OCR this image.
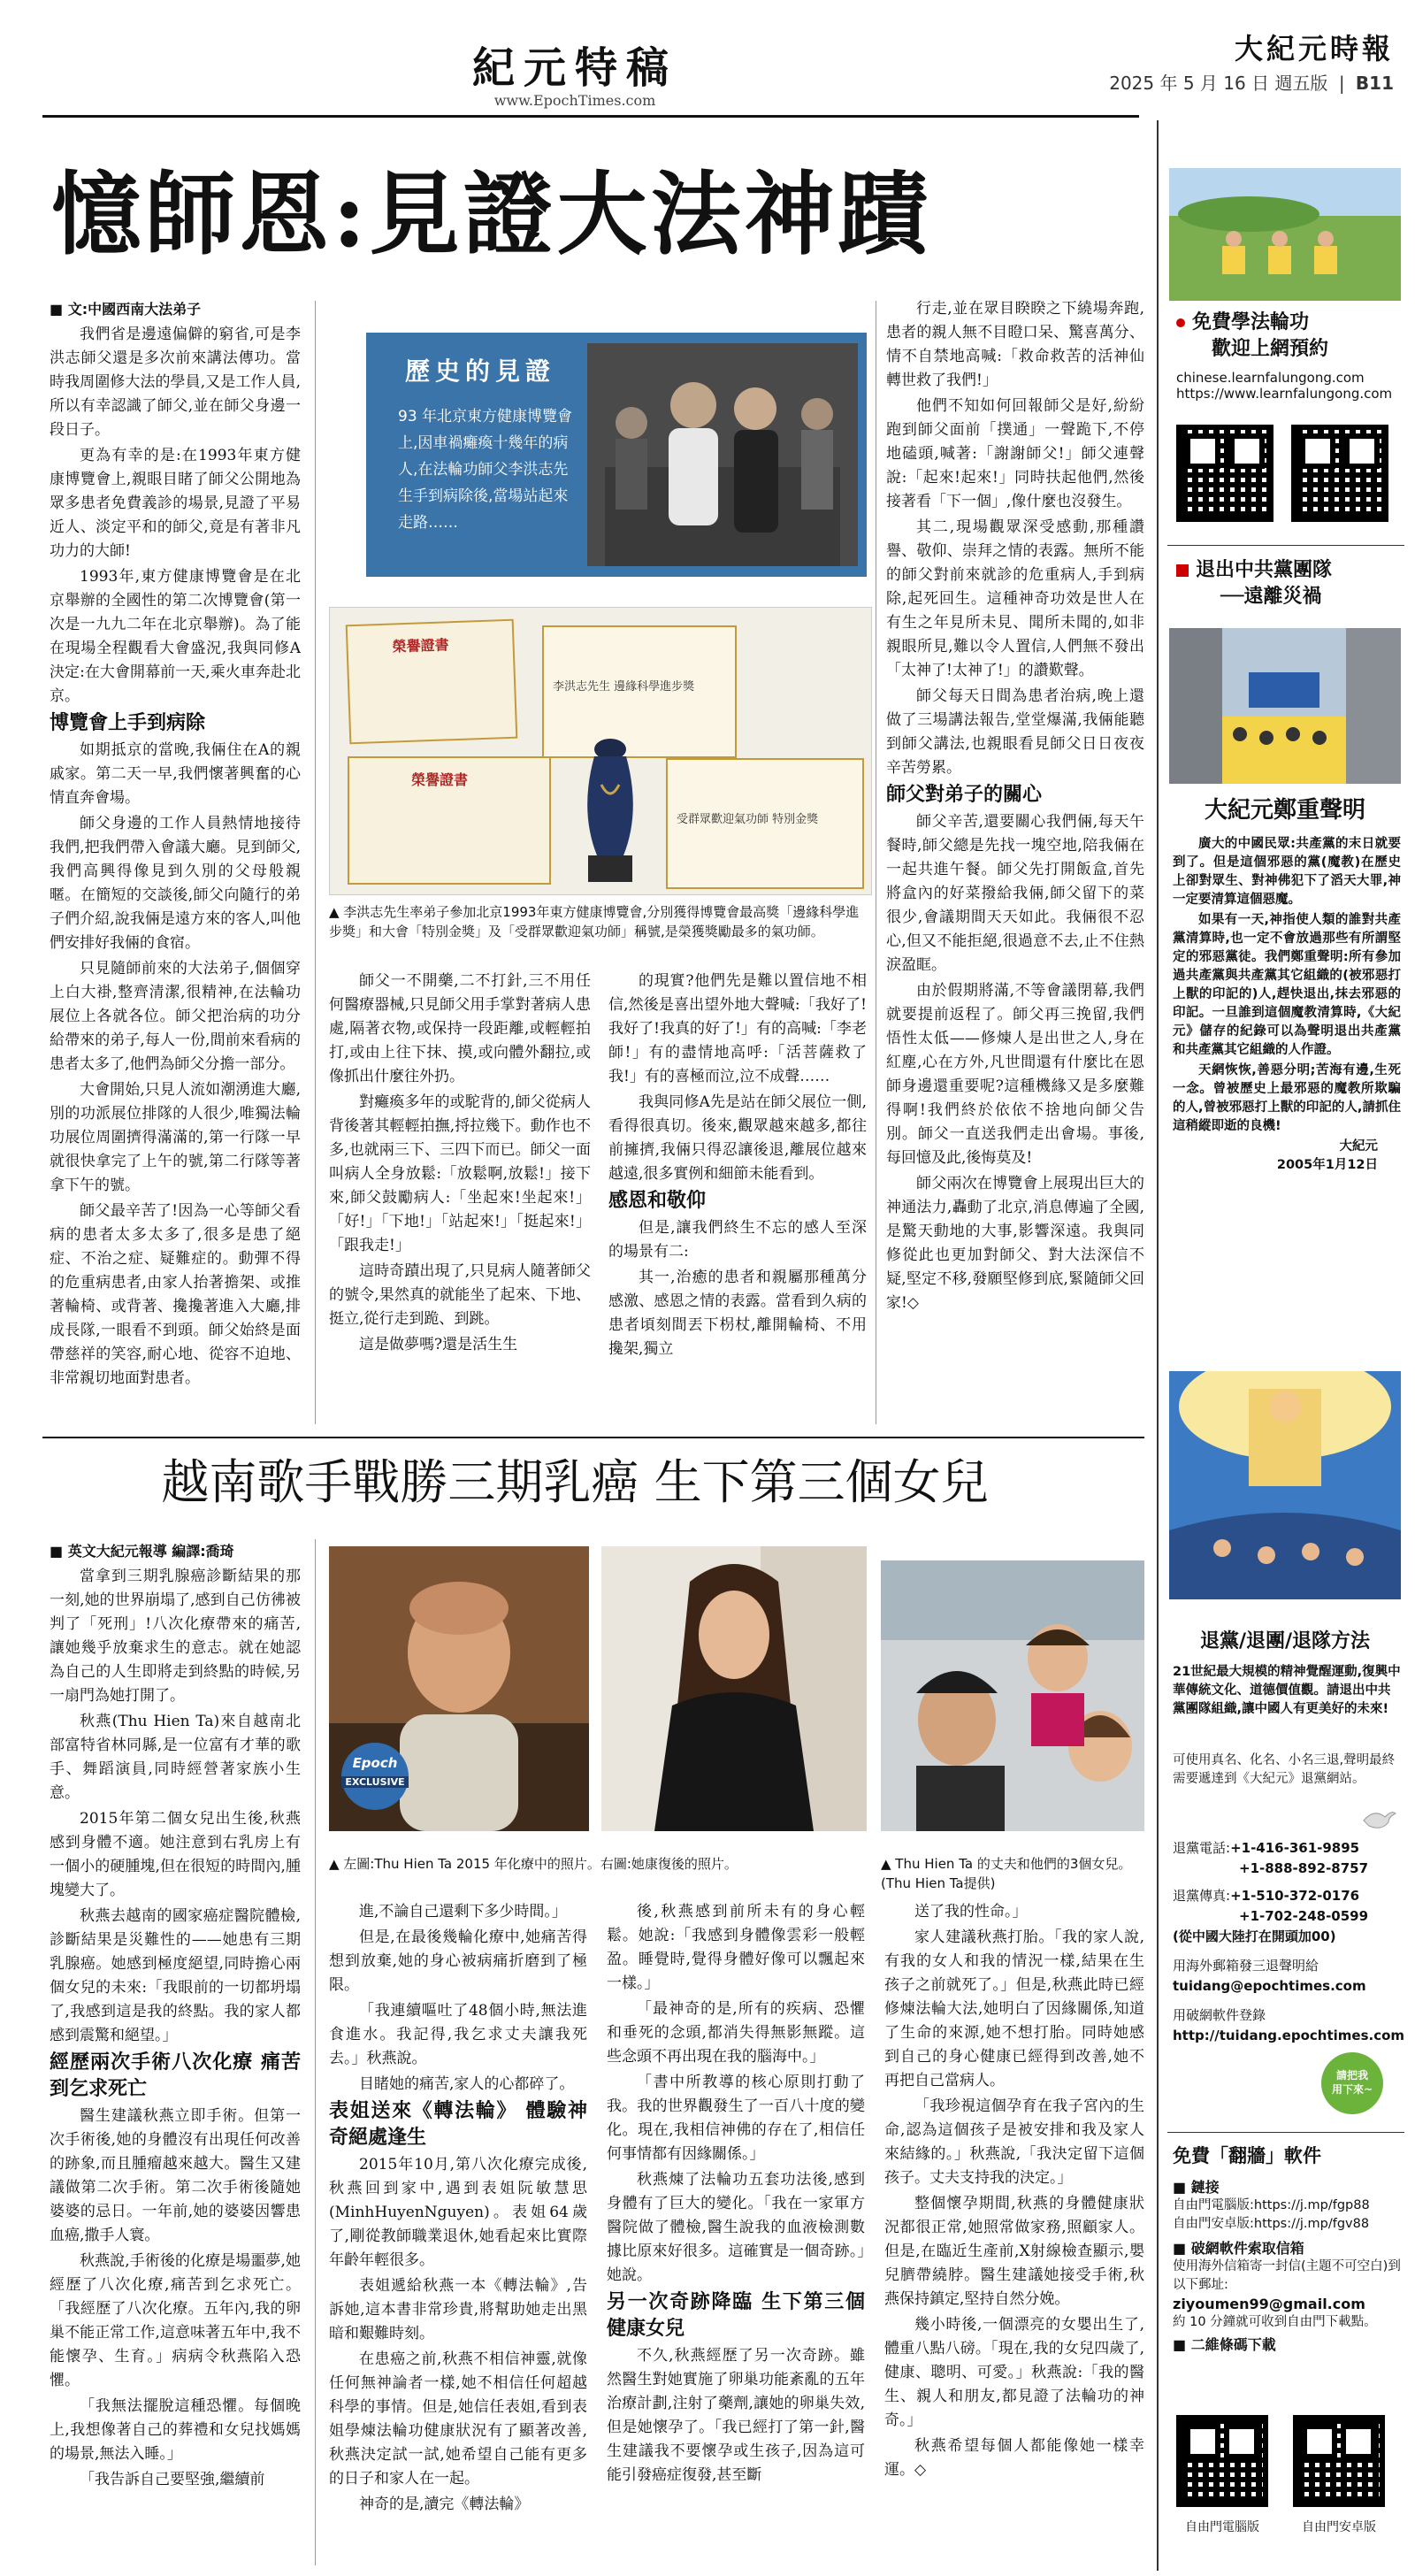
紀元特稿
www.EpochTimes.com
大紀元時報
2025 年 5 月 16 日 週五版 | B11
憶師恩:見證大法神蹟

■ 文:中國西南大法弟子

我們省是邊遠偏僻的窮省,可是李洪志師父還是多次前來講法傳功。當時我周圍修大法的學員,又是工作人員,所以有幸認識了師父,並在師父身邊一段日子。

更為有幸的是:在1993年東方健康博覽會上,親眼目睹了師父公開地為眾多患者免費義診的場景,見證了平易近人、淡定平和的師父,竟是有著非凡功力的大師!

1993年,東方健康博覽會是在北京舉辦的全國性的第二次博覽會(第一次是一九九二年在北京舉辦)。為了能在現場全程觀看大會盛況,我與同修A決定:在大會開幕前一天,乘火車奔赴北京。

博覽會上手到病除

如期抵京的當晚,我倆住在A的親戚家。第二天一早,我們懷著興奮的心情直奔會場。

師父身邊的工作人員熱情地接待我們,把我們帶入會議大廳。見到師父,我們高興得像見到久別的父母般親暱。在簡短的交談後,師父向隨行的弟子們介紹,說我倆是遠方來的客人,叫他們安排好我倆的食宿。

只見隨師前來的大法弟子,個個穿上白大褂,整齊清潔,很精神,在法輪功展位上各就各位。師父把治病的功分給帶來的弟子,每人一份,間前來看病的患者太多了,他們為師父分擔一部分。

大會開始,只見人流如潮湧進大廳,別的功派展位排隊的人很少,唯獨法輪功展位周圍擠得滿滿的,第一行隊一早就很快拿完了上午的號,第二行隊等著拿下午的號。

師父最辛苦了!因為一心等師父看病的患者太多太多了,很多是患了絕症、不治之症、疑難症的。動彈不得的危重病患者,由家人抬著擔架、或推著輪椅、或背著、攙攙著進入大廳,排成長隊,一眼看不到頭。師父始終是面帶慈祥的笑容,耐心地、從容不迫地、非常親切地面對患者。

歷史的見證
93 年北京東方健康博覽會上,因車禍癱瘓十幾年的病人,在法輪功師父李洪志先生手到病除後,當場站起來走路……
榮譽證書
李洪志先生 邊緣科學進步獎
榮譽證書
受群眾歡迎氣功師 特別金獎
▲ 李洪志先生率弟子參加北京1993年東方健康博覽會,分別獲得博覽會最高獎「邊緣科學進步獎」和大會「特別金獎」及「受群眾歡迎氣功師」稱號,是榮獲獎勵最多的氣功師。

師父一不開藥,二不打針,三不用任何醫療器械,只見師父用手掌對著病人患處,隔著衣物,或保持一段距離,或輕輕拍打,或由上往下抹、摸,或向體外翻拉,或像抓出什麼往外扔。

對癱瘓多年的或駝背的,師父從病人背後著其輕輕拍撫,捋拉幾下。動作也不多,也就兩三下、三四下而已。師父一面叫病人全身放鬆:「放鬆啊,放鬆!」接下來,師父鼓勵病人:「坐起來!坐起來!」「好!」「下地!」「站起來!」「挺起來!」「跟我走!」

這時奇蹟出現了,只見病人隨著師父的號令,果然真的就能坐了起來、下地、挺立,從行走到跪、到跳。

這是做夢嗎?還是活生生

的現實?他們先是難以置信地不相信,然後是喜出望外地大聲喊:「我好了!我好了!我真的好了!」有的高喊:「李老師!」有的盡情地高呼:「活菩薩救了我!」有的喜極而泣,泣不成聲……

我與同修A先是站在師父展位一側,看得很真切。後來,觀眾越來越多,都往前擁擠,我倆只得忍讓後退,離展位越來越遠,很多實例和細節未能看到。

感恩和敬仰

但是,讓我們終生不忘的感人至深的場景有二:

其一,治癒的患者和親屬那種萬分感激、感恩之情的表露。當看到久病的患者頃刻間丟下枴杖,離開輪椅、不用攙架,獨立

行走,並在眾目睽睽之下繞場奔跑,患者的親人無不目瞪口呆、驚喜萬分、情不自禁地高喊:「救命救苦的活神仙轉世救了我們!」

他們不知如何回報師父是好,紛紛跑到師父面前「撲通」一聲跪下,不停地磕頭,喊著:「謝謝師父!」師父連聲說:「起來!起來!」同時扶起他們,然後接著看「下一個」,像什麼也沒發生。

其二,現場觀眾深受感動,那種讚譽、敬仰、崇拜之情的表露。無所不能的師父對前來就診的危重病人,手到病除,起死回生。這種神奇功效是世人在有生之年見所未見、聞所未聞的,如非親眼所見,難以令人置信,人們無不發出「太神了!太神了!」的讚歎聲。

師父每天日間為患者治病,晚上還做了三場講法報告,堂堂爆滿,我倆能聽到師父講法,也親眼看見師父日日夜夜辛苦勞累。

師父對弟子的關心

師父辛苦,還要關心我們倆,每天午餐時,師父總是先找一塊空地,陪我倆在一起共進午餐。師父先打開飯盒,首先將盒內的好菜撥給我倆,師父留下的菜很少,會議期間天天如此。我倆很不忍心,但又不能拒絕,很過意不去,止不住熱淚盈眶。

由於假期將滿,不等會議閉幕,我們就要提前返程了。師父再三挽留,我們悟性太低——修煉人是出世之人,身在紅塵,心在方外,凡世間還有什麼比在恩師身邊還重要呢?這種機緣又是多麼難得啊!我們終於依依不捨地向師父告別。師父一直送我們走出會場。事後,每回憶及此,後悔莫及!

師父兩次在博覽會上展現出巨大的神通法力,轟動了北京,消息傳遍了全國,是驚天動地的大事,影響深遠。我與同修從此也更加對師父、對大法深信不疑,堅定不移,發願堅修到底,緊隨師父回家!◇

越南歌手戰勝三期乳癌 生下第三個女兒

■ 英文大紀元報導 編譯:喬琦

當拿到三期乳腺癌診斷結果的那一刻,她的世界崩塌了,感到自己仿彿被判了「死刑」!八次化療帶來的痛苦,讓她幾乎放棄求生的意志。就在她認為自己的人生即將走到終點的時候,另一扇門為她打開了。

秋燕(Thu Hien Ta)來自越南北部富特省林同縣,是一位富有才華的歌手、舞蹈演員,同時經營著家族小生意。

2015年第二個女兒出生後,秋燕感到身體不適。她注意到右乳房上有一個小的硬腫塊,但在很短的時間內,腫塊變大了。

秋燕去越南的國家癌症醫院體檢,診斷結果是災難性的——她患有三期乳腺癌。她感到極度絕望,同時擔心兩個女兒的未來:「我眼前的一切都坍塌了,我感到這是我的終點。我的家人都感到震驚和絕望。」

經歷兩次手術八次化療 痛苦到乞求死亡

醫生建議秋燕立即手術。但第一次手術後,她的身體沒有出現任何改善的跡象,而且腫瘤越來越大。醫生又建議做第二次手術。第二次手術後隨她婆婆的忌日。一年前,她的婆婆因響患血癌,撒手人寰。

秋燕說,手術後的化療是場噩夢,她經歷了八次化療,痛苦到乞求死亡。「我經歷了八次化療。五年內,我的卵巢不能正常工作,這意味著五年中,我不能懷孕、生育。」病病令秋燕陷入恐懼。

「我無法擺脫這種恐懼。每個晚上,我想像著自己的葬禮和女兒找媽媽的場景,無法入睡。」

「我告訴自己要堅強,繼續前

Epoch
EXCLUSIVE
▲ 左圖:Thu Hien Ta 2015 年化療中的照片。右圖:她康復後的照片。	▲ Thu Hien Ta 的丈夫和他們的3個女兒。(Thu Hien Ta提供)

進,不論自己還剩下多少時間。」

但是,在最後幾輪化療中,她痛苦得想到放棄,她的身心被病痛折磨到了極限。

「我連續嘔吐了48個小時,無法進食進水。我記得,我乞求丈夫讓我死去。」秋燕說。

目睹她的痛苦,家人的心都碎了。

表姐送來《轉法輪》 體驗神奇絕處逢生

2015年10月,第八次化療完成後,秋燕回到家中,遇到表姐阮敏慧思(MinhHuyenNguyen)。表姐64歲了,剛從教師職業退休,她看起來比實際年齡年輕很多。

表姐遞給秋燕一本《轉法輪》,告訴她,這本書非常珍貴,將幫助她走出黑暗和艱難時刻。

在患癌之前,秋燕不相信神靈,就像任何無神論者一樣,她不相信任何超越科學的事情。但是,她信任表姐,看到表姐學煉法輪功健康狀況有了顯著改善,秋燕決定試一試,她希望自己能有更多的日子和家人在一起。

神奇的是,讀完《轉法輪》

後,秋燕感到前所未有的身心輕鬆。她說:「我感到身體像雲彩一般輕盈。睡覺時,覺得身體好像可以飄起來一樣。」

「最神奇的是,所有的疾病、恐懼和垂死的念頭,都消失得無影無蹤。這些念頭不再出現在我的腦海中。」

「書中所教導的核心原則打動了我。我的世界觀發生了一百八十度的變化。現在,我相信神佛的存在了,相信任何事情都有因緣關係。」

秋燕煉了法輪功五套功法後,感到身體有了巨大的變化。「我在一家軍方醫院做了體檢,醫生說我的血液檢測數據比原來好很多。這確實是一個奇跡。」她說。

另一次奇跡降臨 生下第三個健康女兒

不久,秋燕經歷了另一次奇跡。雖然醫生對她實施了卵巢功能紊亂的五年治療計劃,注射了藥劑,讓她的卵巢失效,但是她懷孕了。「我已經打了第一針,醫生建議我不要懷孕或生孩子,因為這可能引發癌症復發,甚至斷

送了我的性命。」

家人建議秋燕打胎。「我的家人說,有我的女人和我的情況一樣,結果在生孩子之前就死了。」但是,秋燕此時已經修煉法輪大法,她明白了因緣關係,知道了生命的來源,她不想打胎。同時她感到自己的身心健康已經得到改善,她不再把自己當病人。

「我珍視這個孕育在我子宮內的生命,認為這個孩子是被安排和我及家人來結緣的。」秋燕說,「我決定留下這個孩子。丈夫支持我的決定。」

整個懷孕期間,秋燕的身體健康狀況都很正常,她照常做家務,照顧家人。但是,在臨近生產前,X射線檢查顯示,嬰兒臍帶繞脖。醫生建議她接受手術,秋燕保持鎮定,堅持自然分娩。

幾小時後,一個漂亮的女嬰出生了,體重八點八磅。「現在,我的女兒四歲了,健康、聰明、可愛。」秋燕說:「我的醫生、親人和朋友,都見證了法輪功的神奇。」

秋燕希望每個人都能像她一樣幸運。◇

免費學法輪功
歡迎上網預約
chinese.learnfalungong.com
https://www.learnfalungong.com
退出中共黨團隊
──遠離災禍
大紀元鄭重聲明

廣大的中國民眾:共產黨的末日就要到了。但是這個邪惡的黨(魔教)在歷史上卻對眾生、對神佛犯下了滔天大罪,神一定要清算這個惡魔。

如果有一天,神指使人類的誰對共產黨清算時,也一定不會放過那些有所謂堅定的邪惡黨徒。我們鄭重聲明:所有參加過共產黨與共產黨其它組織的(被邪惡打上獸的印記的)人,趕快退出,抹去邪惡的印記。一旦誰到這個魔教清算時,《大紀元》儲存的紀錄可以為聲明退出共產黨和共產黨其它組織的人作證。

天網恢恢,善惡分明;苦海有邊,生死一念。曾被歷史上最邪惡的魔教所欺騙的人,曾被邪惡打上獸的印記的人,請抓住這稍縱即逝的良機!

大紀元
2005年1月12日
退黨/退團/退隊方法
21世紀最大規模的精神覺醒運動,復興中華傳統文化、道德價值觀。請退出中共黨團隊組織,讓中國人有更美好的未來!
可使用真名、化名、小名三退,聲明最終需要遞達到《大紀元》退黨網站。
退黨電話:+1-416-361-9895
+1-888-892-8757
退黨傳真:+1-510-372-0176
+1-702-248-0599
(從中國大陸打在開頭加00)
用海外郵箱發三退聲明給
tuidang@epochtimes.com
用破網軟件登錄
http://tuidang.epochtimes.com
請把我
用下來~
免費「翻牆」軟件
■ 鏈接
自由門電腦版:https://j.mp/fgp88
自由門安卓版:https://j.mp/fgv88
■ 破網軟件索取信箱
使用海外信箱寄一封信(主題不可空白)到以下郵址:
ziyoumen99@gmail.com
約 10 分鐘就可收到自由門下載點。
■ 二維條碼下載
自由門電腦版	自由門安卓版
